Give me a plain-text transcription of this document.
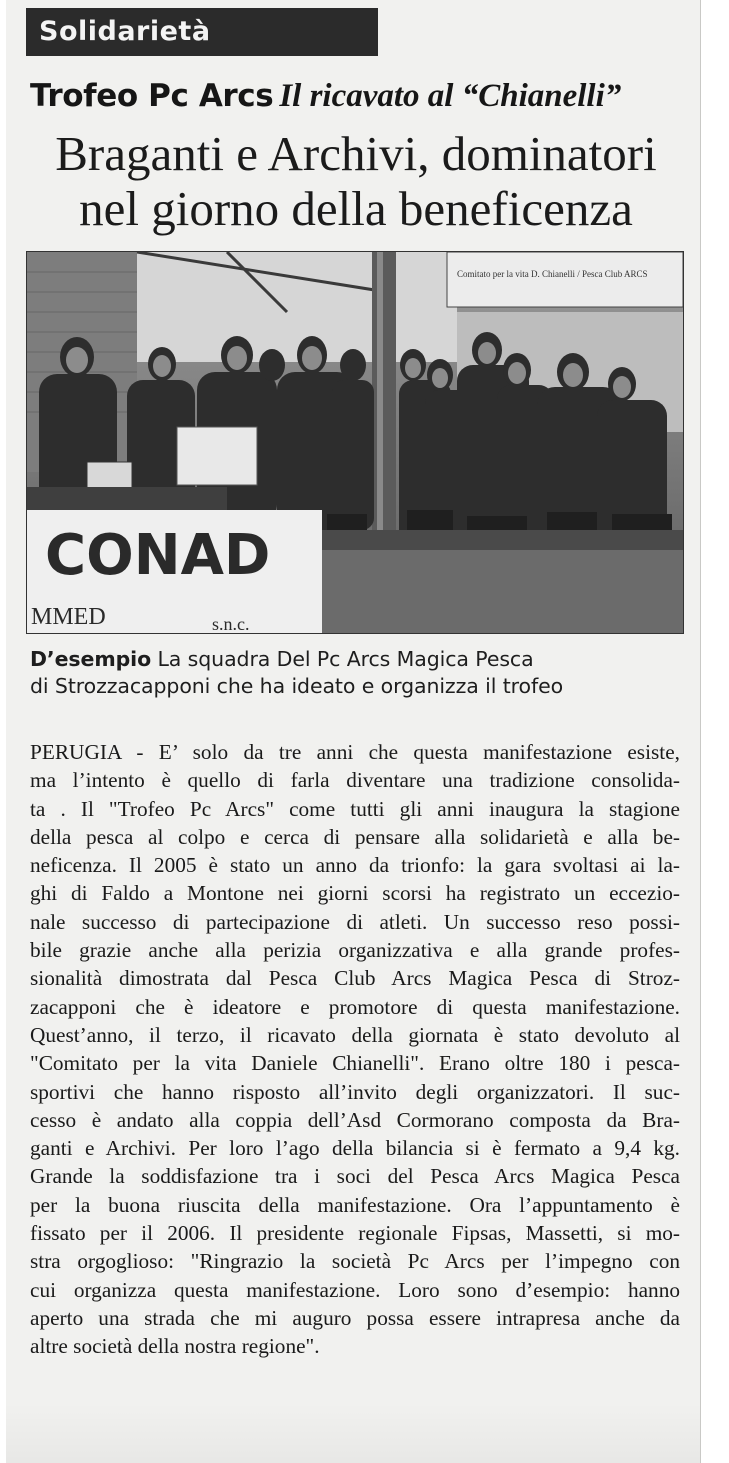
Solidarietà
Trofeo Pc Arcs Il ricavato al “Chianelli”
Braganti e Archivi, dominatori
nel giorno della beneficenza
Comitato per la vita D. Chianelli / Pesca Club ARCS
CONAD
MMED	s.n.c.
D’esempio La squadra Del Pc Arcs Magica Pesca
di Strozzacapponi che ha ideato e organizza il trofeo
PERUGIA - E’ solo da tre anni che questa manifestazione esiste,
ma l’intento è quello di farla diventare una tradizione consolida-
ta . Il "Trofeo Pc Arcs" come tutti gli anni inaugura la stagione
della pesca al colpo e cerca di pensare alla solidarietà e alla be-
neficenza. Il 2005 è stato un anno da trionfo: la gara svoltasi ai la-
ghi di Faldo a Montone nei giorni scorsi ha registrato un eccezio-
nale successo di partecipazione di atleti. Un successo reso possi-
bile grazie anche alla perizia organizzativa e alla grande profes-
sionalità dimostrata dal Pesca Club Arcs Magica Pesca di Stroz-
zacapponi che è ideatore e promotore di questa manifestazione.
Quest’anno, il terzo, il ricavato della giornata è stato devoluto al
"Comitato per la vita Daniele Chianelli". Erano oltre 180 i pesca-
sportivi che hanno risposto all’invito degli organizzatori. Il suc-
cesso è andato alla coppia dell’Asd Cormorano composta da Bra-
ganti e Archivi. Per loro l’ago della bilancia si è fermato a 9,4 kg.
Grande la soddisfazione tra i soci del Pesca Arcs Magica Pesca
per la buona riuscita della manifestazione. Ora l’appuntamento è
fissato per il 2006. Il presidente regionale Fipsas, Massetti, si mo-
stra orgoglioso: "Ringrazio la società Pc Arcs per l’impegno con
cui organizza questa manifestazione. Loro sono d’esempio: hanno
aperto una strada che mi auguro possa essere intrapresa anche da
altre società della nostra regione".
